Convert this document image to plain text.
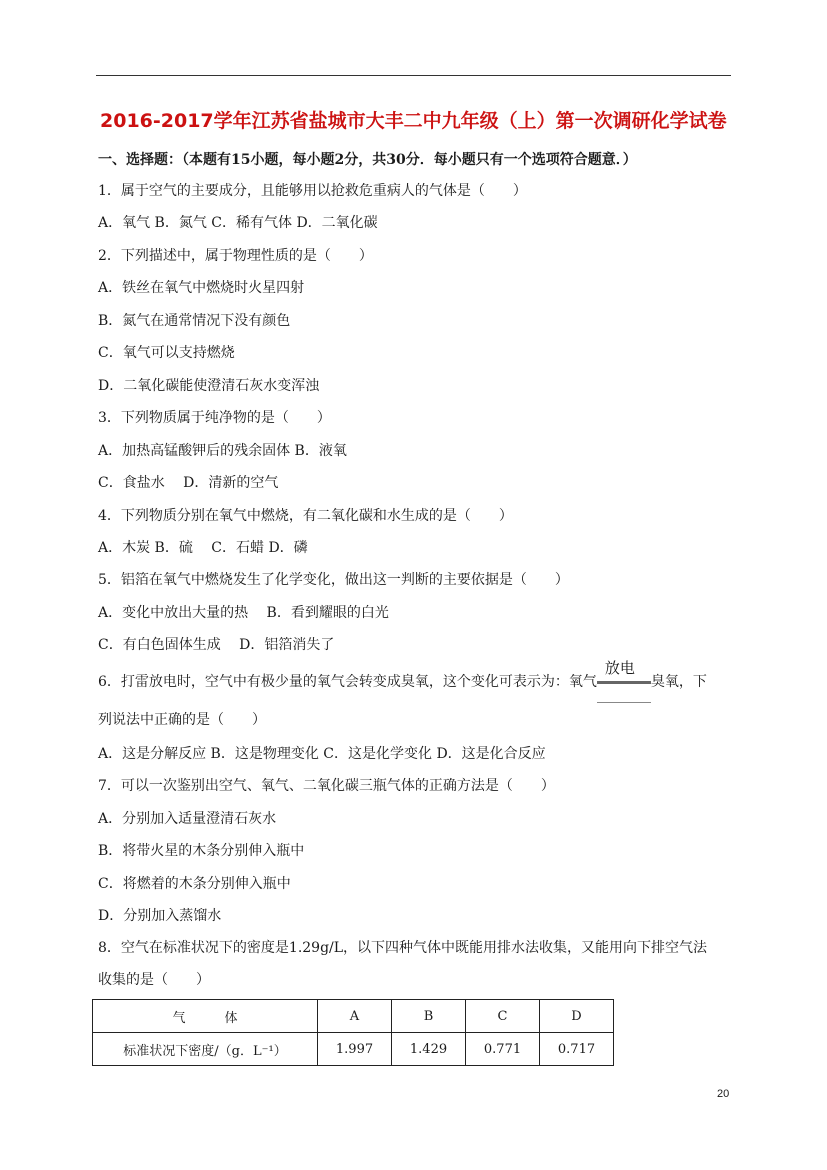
2016-2017学年江苏省盐城市大丰二中九年级（上）第一次调研化学试卷
一、选择题：（本题有15小题，每小题2分，共30分．每小题只有一个选项符合题意．）
1．属于空气的主要成分，且能够用以抢救危重病人的气体是（　　）
A．氧气 B．氮气 C．稀有气体 D．二氧化碳
2．下列描述中，属于物理性质的是（　　）
A．铁丝在氧气中燃烧时火星四射
B．氮气在通常情况下没有颜色
C．氧气可以支持燃烧
D．二氧化碳能使澄清石灰水变浑浊
3．下列物质属于纯净物的是（　　）
A．加热高锰酸钾后的残余固体 B．液氧
C．食盐水　 D．清新的空气
4．下列物质分别在氧气中燃烧，有二氧化碳和水生成的是（　　）
A．木炭 B．硫　 C．石蜡 D．磷
5．铝箔在氧气中燃烧发生了化学变化，做出这一判断的主要依据是（　　）
A．变化中放出大量的热　 B．看到耀眼的白光
C．有白色固体生成　 D．铝箔消失了
6．打雷放电时，空气中有极少量的氧气会转变成臭氧，这个变化可表示为：氧气
放电
臭氧，下
列说法中正确的是（　　）
A．这是分解反应 B．这是物理变化 C．这是化学变化 D．这是化合反应
7．可以一次鉴别出空气、氧气、二氧化碳三瓶气体的正确方法是（　　）
A．分别加入适量澄清石灰水
B．将带火星的木条分别伸入瓶中
C．将燃着的木条分别伸入瓶中
D．分别加入蒸馏水
8．空气在标准状况下的密度是1.29g/L，以下四种气体中既能用排水法收集，又能用向下排空气法
收集的是（　　）
气　　　体	A	B	C	D
标准状况下密度/（g．L⁻¹）	1.997	1.429	0.771	0.717
20
